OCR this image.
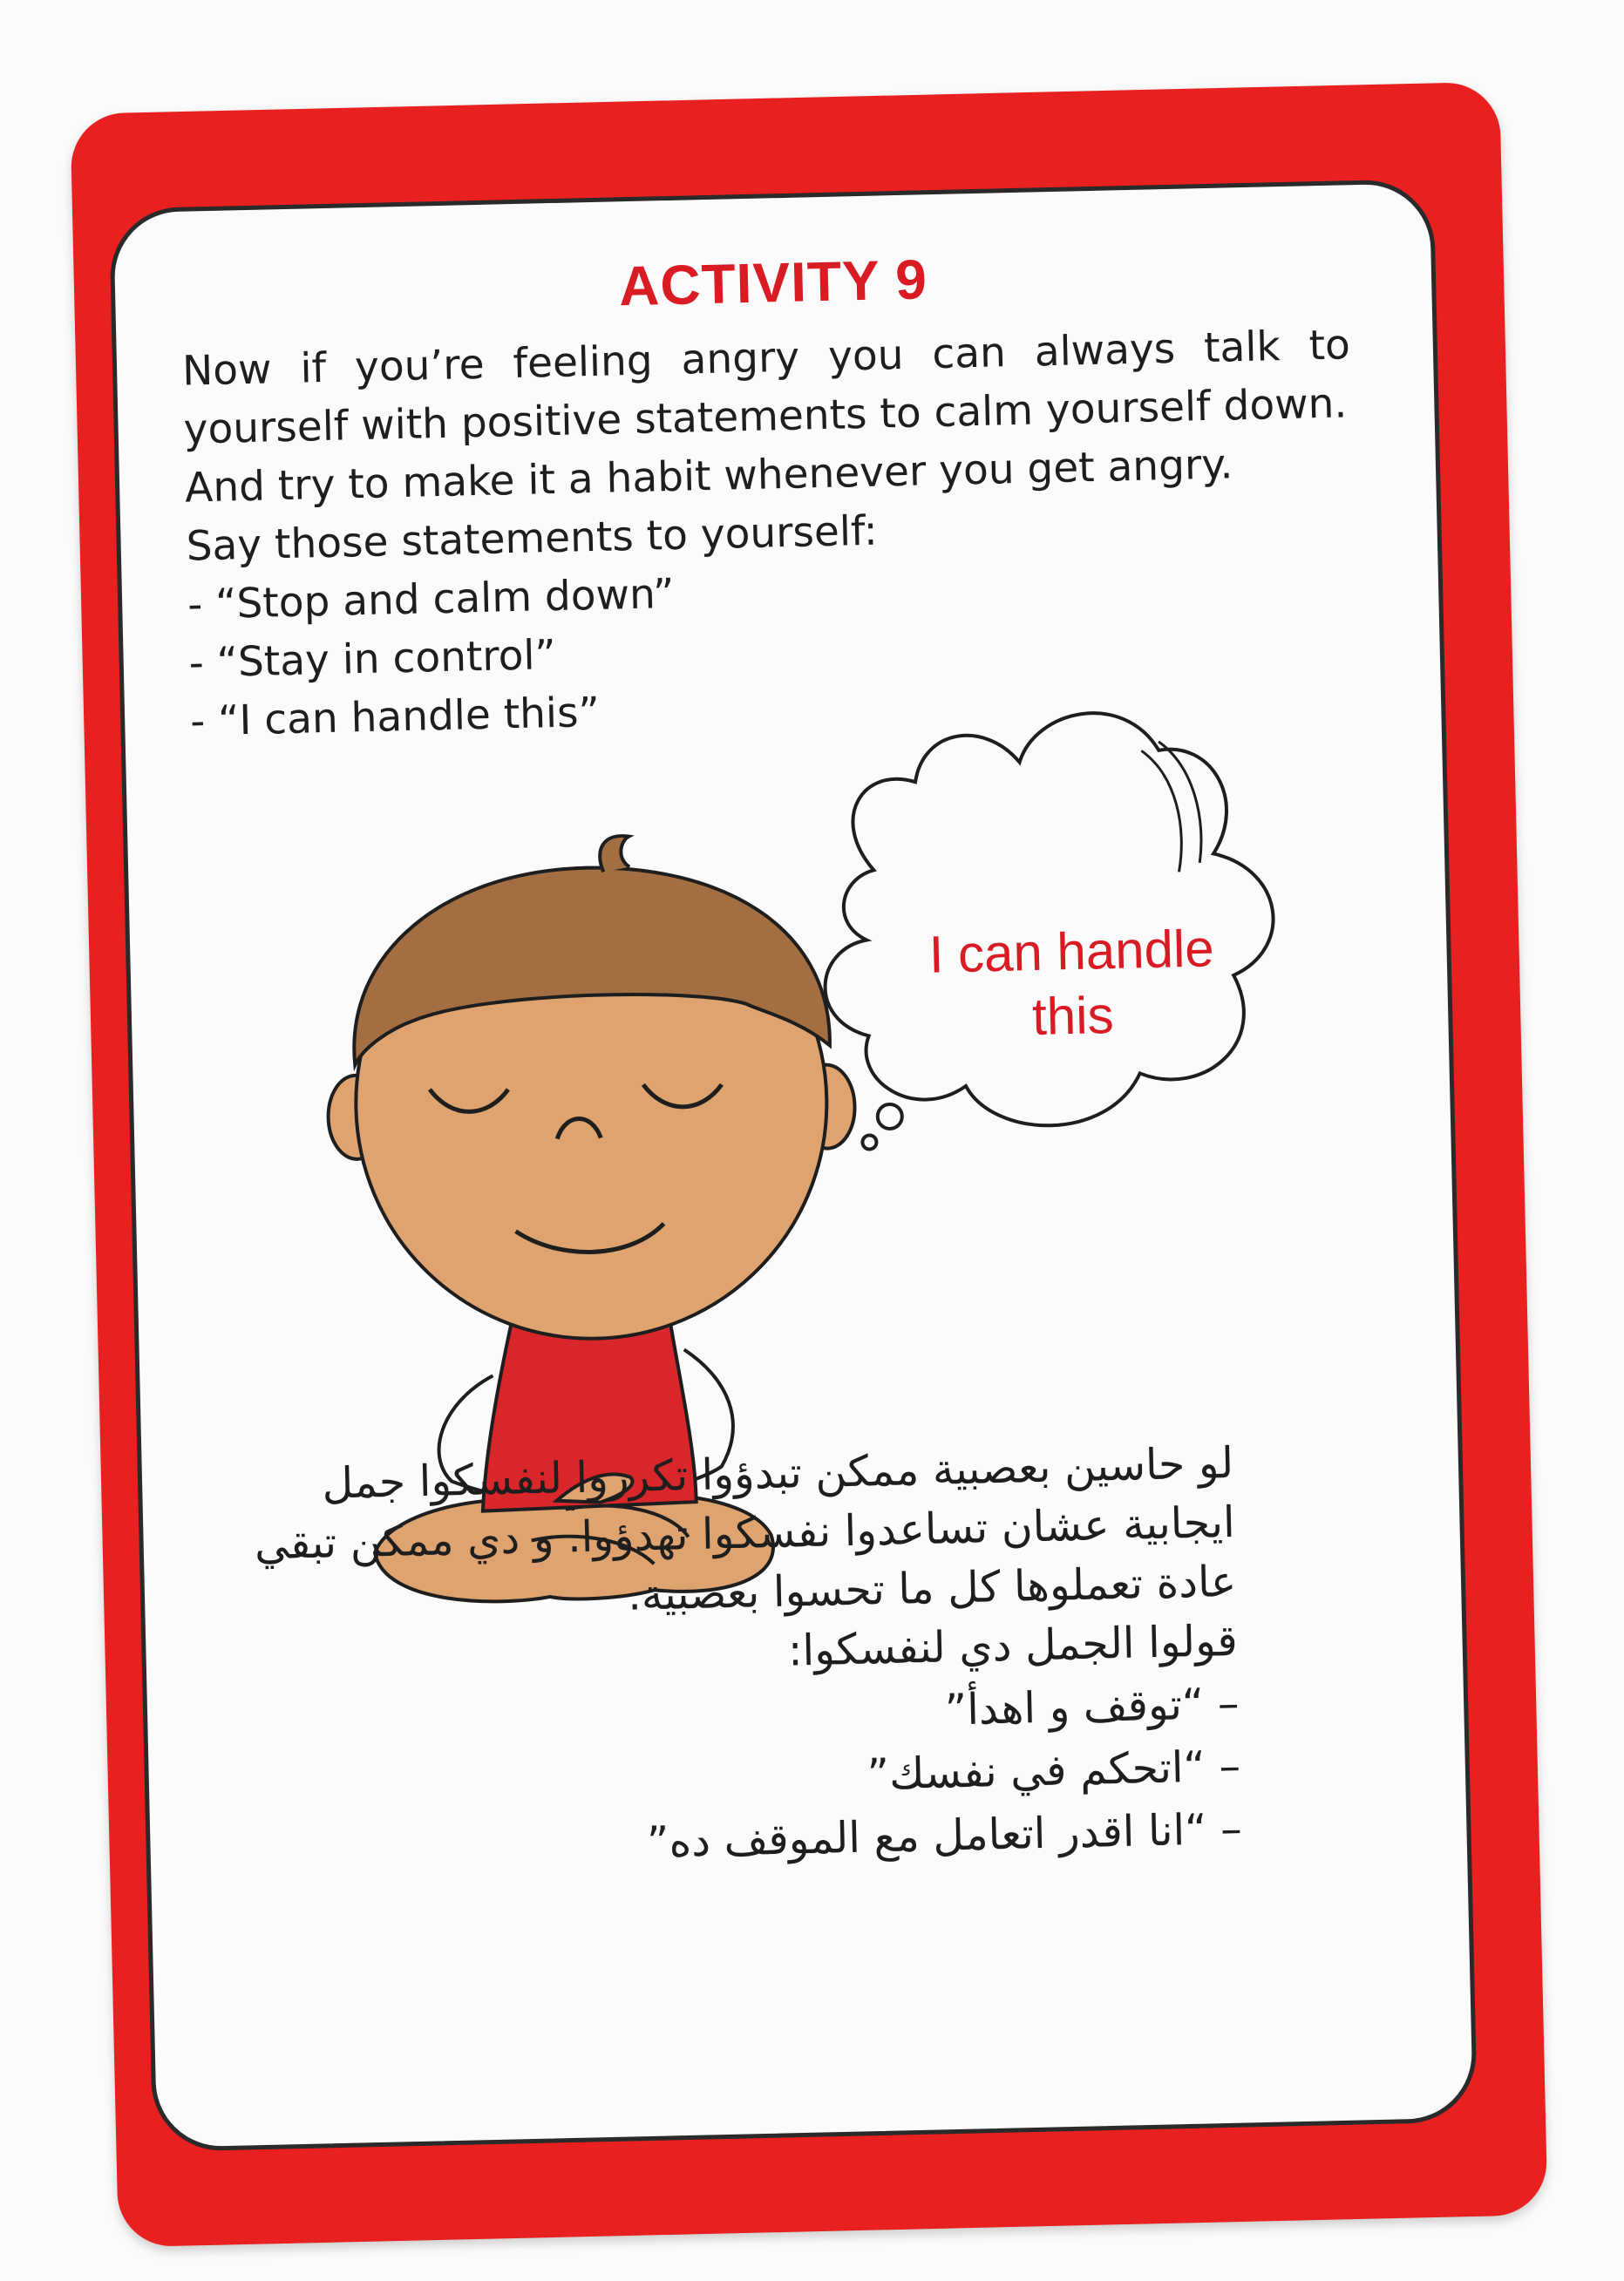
ACTIVITY 9
Now if you’re feeling angry you can always talk to
yourself with positive statements to calm yourself down.
And try to make it a habit whenever you get angry.
Say those statements to yourself:
- “Stop and calm down”
- “Stay in control”
- “I can handle this”
I can handle
this
لو حاسين بعصبية ممكن تبدؤوا تكرروا لنفسكوا جمل
ايجابية عشان تساعدوا نفسكوا تهدؤوا. و دي ممكن تبقي
عادة تعملوها كل ما تحسوا بعصبية.
قولوا الجمل دي لنفسكوا:
– “توقف و اهدأ”
– “اتحكم في نفسك”
– “انا اقدر اتعامل مع الموقف ده”
